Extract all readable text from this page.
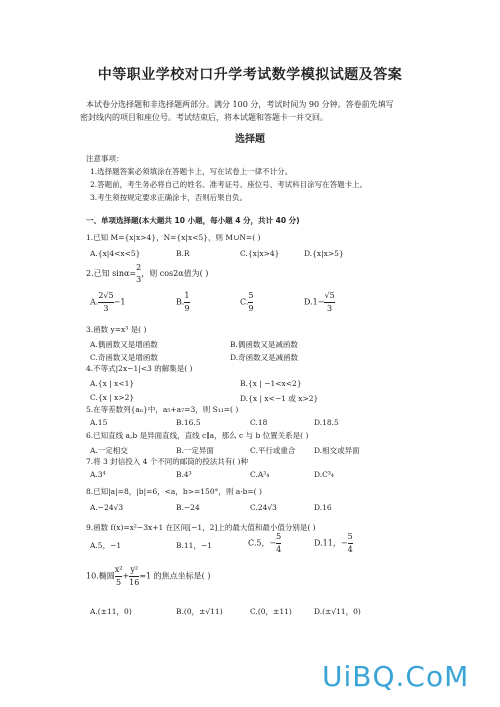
中等职业学校对口升学考试数学模拟试题及答案
本试卷分选择题和非选择题两部分。满分 100 分，考试时间为 90 分钟。答卷前先填写
密封线内的项目和座位号。考试结束后，将本试题和答题卡一并交回。
选择题
注意事项：
1.选择题答案必须填涂在答题卡上，写在试卷上一律不计分。
2.答题前，考生务必将自己的姓名、准考证号、座位号、考试科目涂写在答题卡上。
3.考生须按规定要求正确涂卡，否则后果自负。
一、单项选择题(本大题共 10 小题，每小题 4 分，共计 40 分)
1.已知 M={x|x>4}，N={x|x<5}，则 M∪N=( )
A.{x|4<x<5}	B.R	C.{x|x>4}	D.{x|x>5}
2.已知 sinα=
2
3
，则 cos2α值为( )
A. $\frac{2√5}{3} -1$	B. $\frac{1}{9}$	C. $\frac{5}{9}$	$D.1- \frac{√5}{3}$
3.函数 y=x³ 是( )
A.偶函数又是增函数	B.偶函数又是减函数
C.奇函数又是增函数	D.奇函数又是减函数
4.不等式|2x−1|<3 的解集是( )
A.{x | x<1}	B.{x | −1<x<2}
C.{x | x>2}	D.{x | x<−1 或 x>2}
5.在等差数列{aₙ}中，a₅+a₇=3，则 S₁₁=( )
A.15	B.16.5	C.18	D.18.5
6.已知直线 a,b 是异面直线，直线 c∥a，那么 c 与 b 位置关系是( )
A.一定相交	B.一定异面	C.平行或重合 D.相交或异面
7.将 3 封信投入 4 个不同的邮筒的投法共有( )种
A.3⁴	B.4³	C.A³₄	D.C³₄
8.已知|a|=8，|b|=6，<a，b>=150°，则 a·b=( )
A.−24√3	B.−24	C.24√3	D.16
9.函数 f(x)=x²−3x+1 在区间[−1，2]上的最大值和最小值分别是( )
A.5，−1	B.11，−1	C.5，− $\frac{5}{4}$	D.11，− $\frac{5}{4}$
10.椭圆 $\frac{\text{x²}}{5} + \frac{\text{y²}}{16} =1$ 的焦点坐标是( )
A.(±11，0)	B.(0，±√11)	C.(0，±11)	D.(±√11，0)
UiBQ.CoM
